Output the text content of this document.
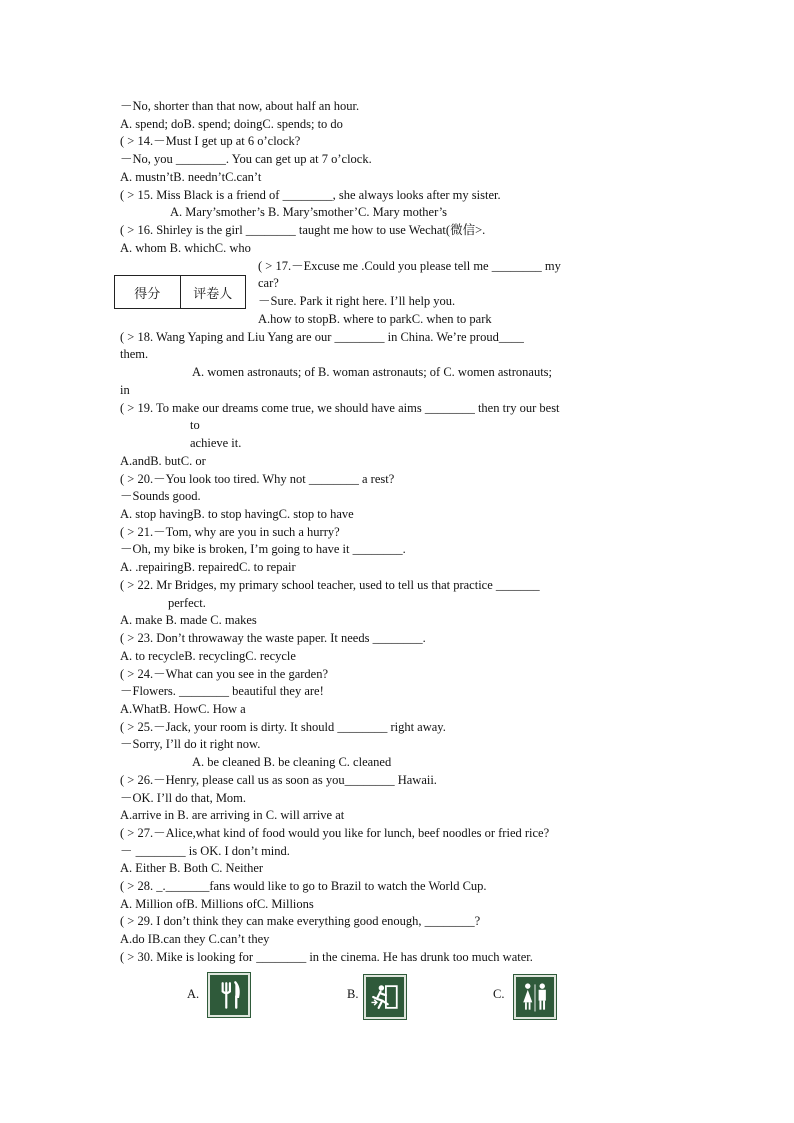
－No, shorter than that now, about half an hour.
A. spend; doB. spend; doingC. spends; to do
( > 14.－Must I get up at 6 o’clock?
－No, you ________. You can get up at 7 o’clock.
A. mustn’tB. needn’tC.can’t
( > 15. Miss Black is a friend of ________, she always looks after my sister.
A. Mary’smother’s B. Mary’smother’C. Mary mother’s
( > 16. Shirley is the girl ________ taught me how to use Wechat(微信>.
A. whom B. whichC. who
得分	评卷人
( > 17.－Excuse me .Could you please tell me ________ my
car?
－Sure. Park it right here. I’ll help you.
A.how to stopB. where to parkC. when to park
( > 18. Wang Yaping and Liu Yang are our ________ in China. We’re proud____
them.
A. women astronauts; of B. woman astronauts; of C. women astronauts;
in
( > 19. To make our dreams come true, we should have aims ________ then try our best
to
achieve it.
A.andB. butC. or
( > 20.－You look too tired. Why not ________ a rest?
－Sounds good.
A. stop havingB. to stop havingC. stop to have
( > 21.－Tom, why are you in such a hurry?
－Oh, my bike is broken, I’m going to have it ________.
A. .repairingB. repairedC. to repair
( > 22. Mr Bridges, my primary school teacher, used to tell us that practice _______
perfect.
A. make B. made C. makes
( > 23. Don’t throwaway the waste paper. It needs ________.
A. to recycleB. recyclingC. recycle
( > 24.－What can you see in the garden?
－Flowers. ________ beautiful they are!
A.WhatB. HowC. How a
( > 25.－Jack, your room is dirty. It should ________ right away.
－Sorry, I’ll do it right now.
A. be cleaned B. be cleaning C. cleaned
( > 26.－Henry, please call us as soon as you________ Hawaii.
－OK. I’ll do that, Mom.
A.arrive in B. are arriving in C. will arrive at
( > 27.－Alice,what kind of food would you like for lunch, beef noodles or fried rice?
－ ________ is OK. I don’t mind.
A. Either B. Both C. Neither
( > 28. _._______fans would like to go to Brazil to watch the World Cup.
A. Million ofB. Millions ofC. Millions
( > 29. I don’t think they can make everything good enough, ________?
A.do IB.can they C.can’t they
( > 30. Mike is looking for ________ in the cinema. He has drunk too much water.
A.	B.	C.
